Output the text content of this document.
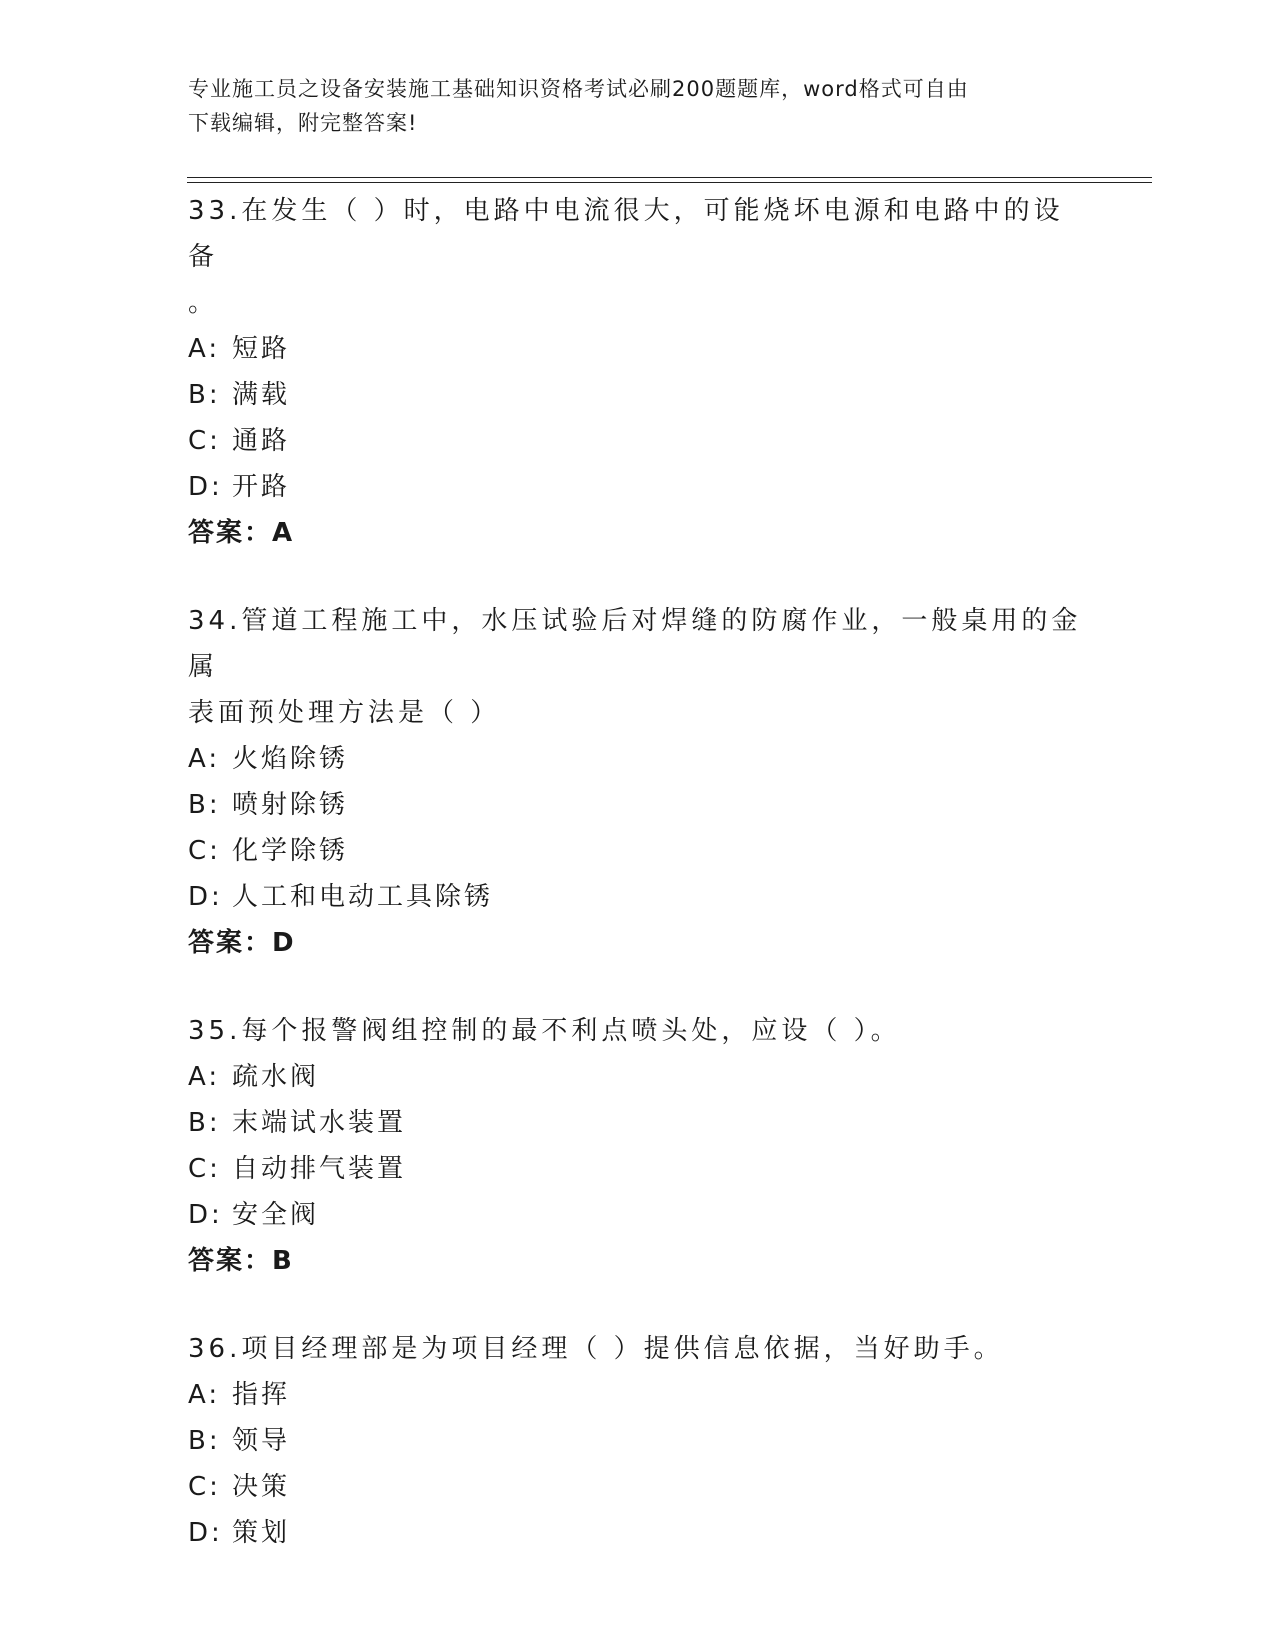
专业施工员之设备安装施工基础知识资格考试必刷200题题库，word格式可自由
下载编辑，附完整答案!

33.在发生（ ）时，电路中电流很大，可能烧坏电源和电路中的设备

。

A: 短路

B: 满载

C: 通路

D: 开路

答案：A

34.管道工程施工中，水压试验后对焊缝的防腐作业，一般桌用的金属

表面预处理方法是（ ）

A: 火焰除锈

B: 喷射除锈

C: 化学除锈

D: 人工和电动工具除锈

答案：D

35.每个报警阀组控制的最不利点喷头处，应设（ ）。

A: 疏水阀

B: 末端试水装置

C: 自动排气装置

D: 安全阀

答案：B

36.项目经理部是为项目经理（ ）提供信息依据，当好助手。

A: 指挥

B: 领导

C: 决策

D: 策划
